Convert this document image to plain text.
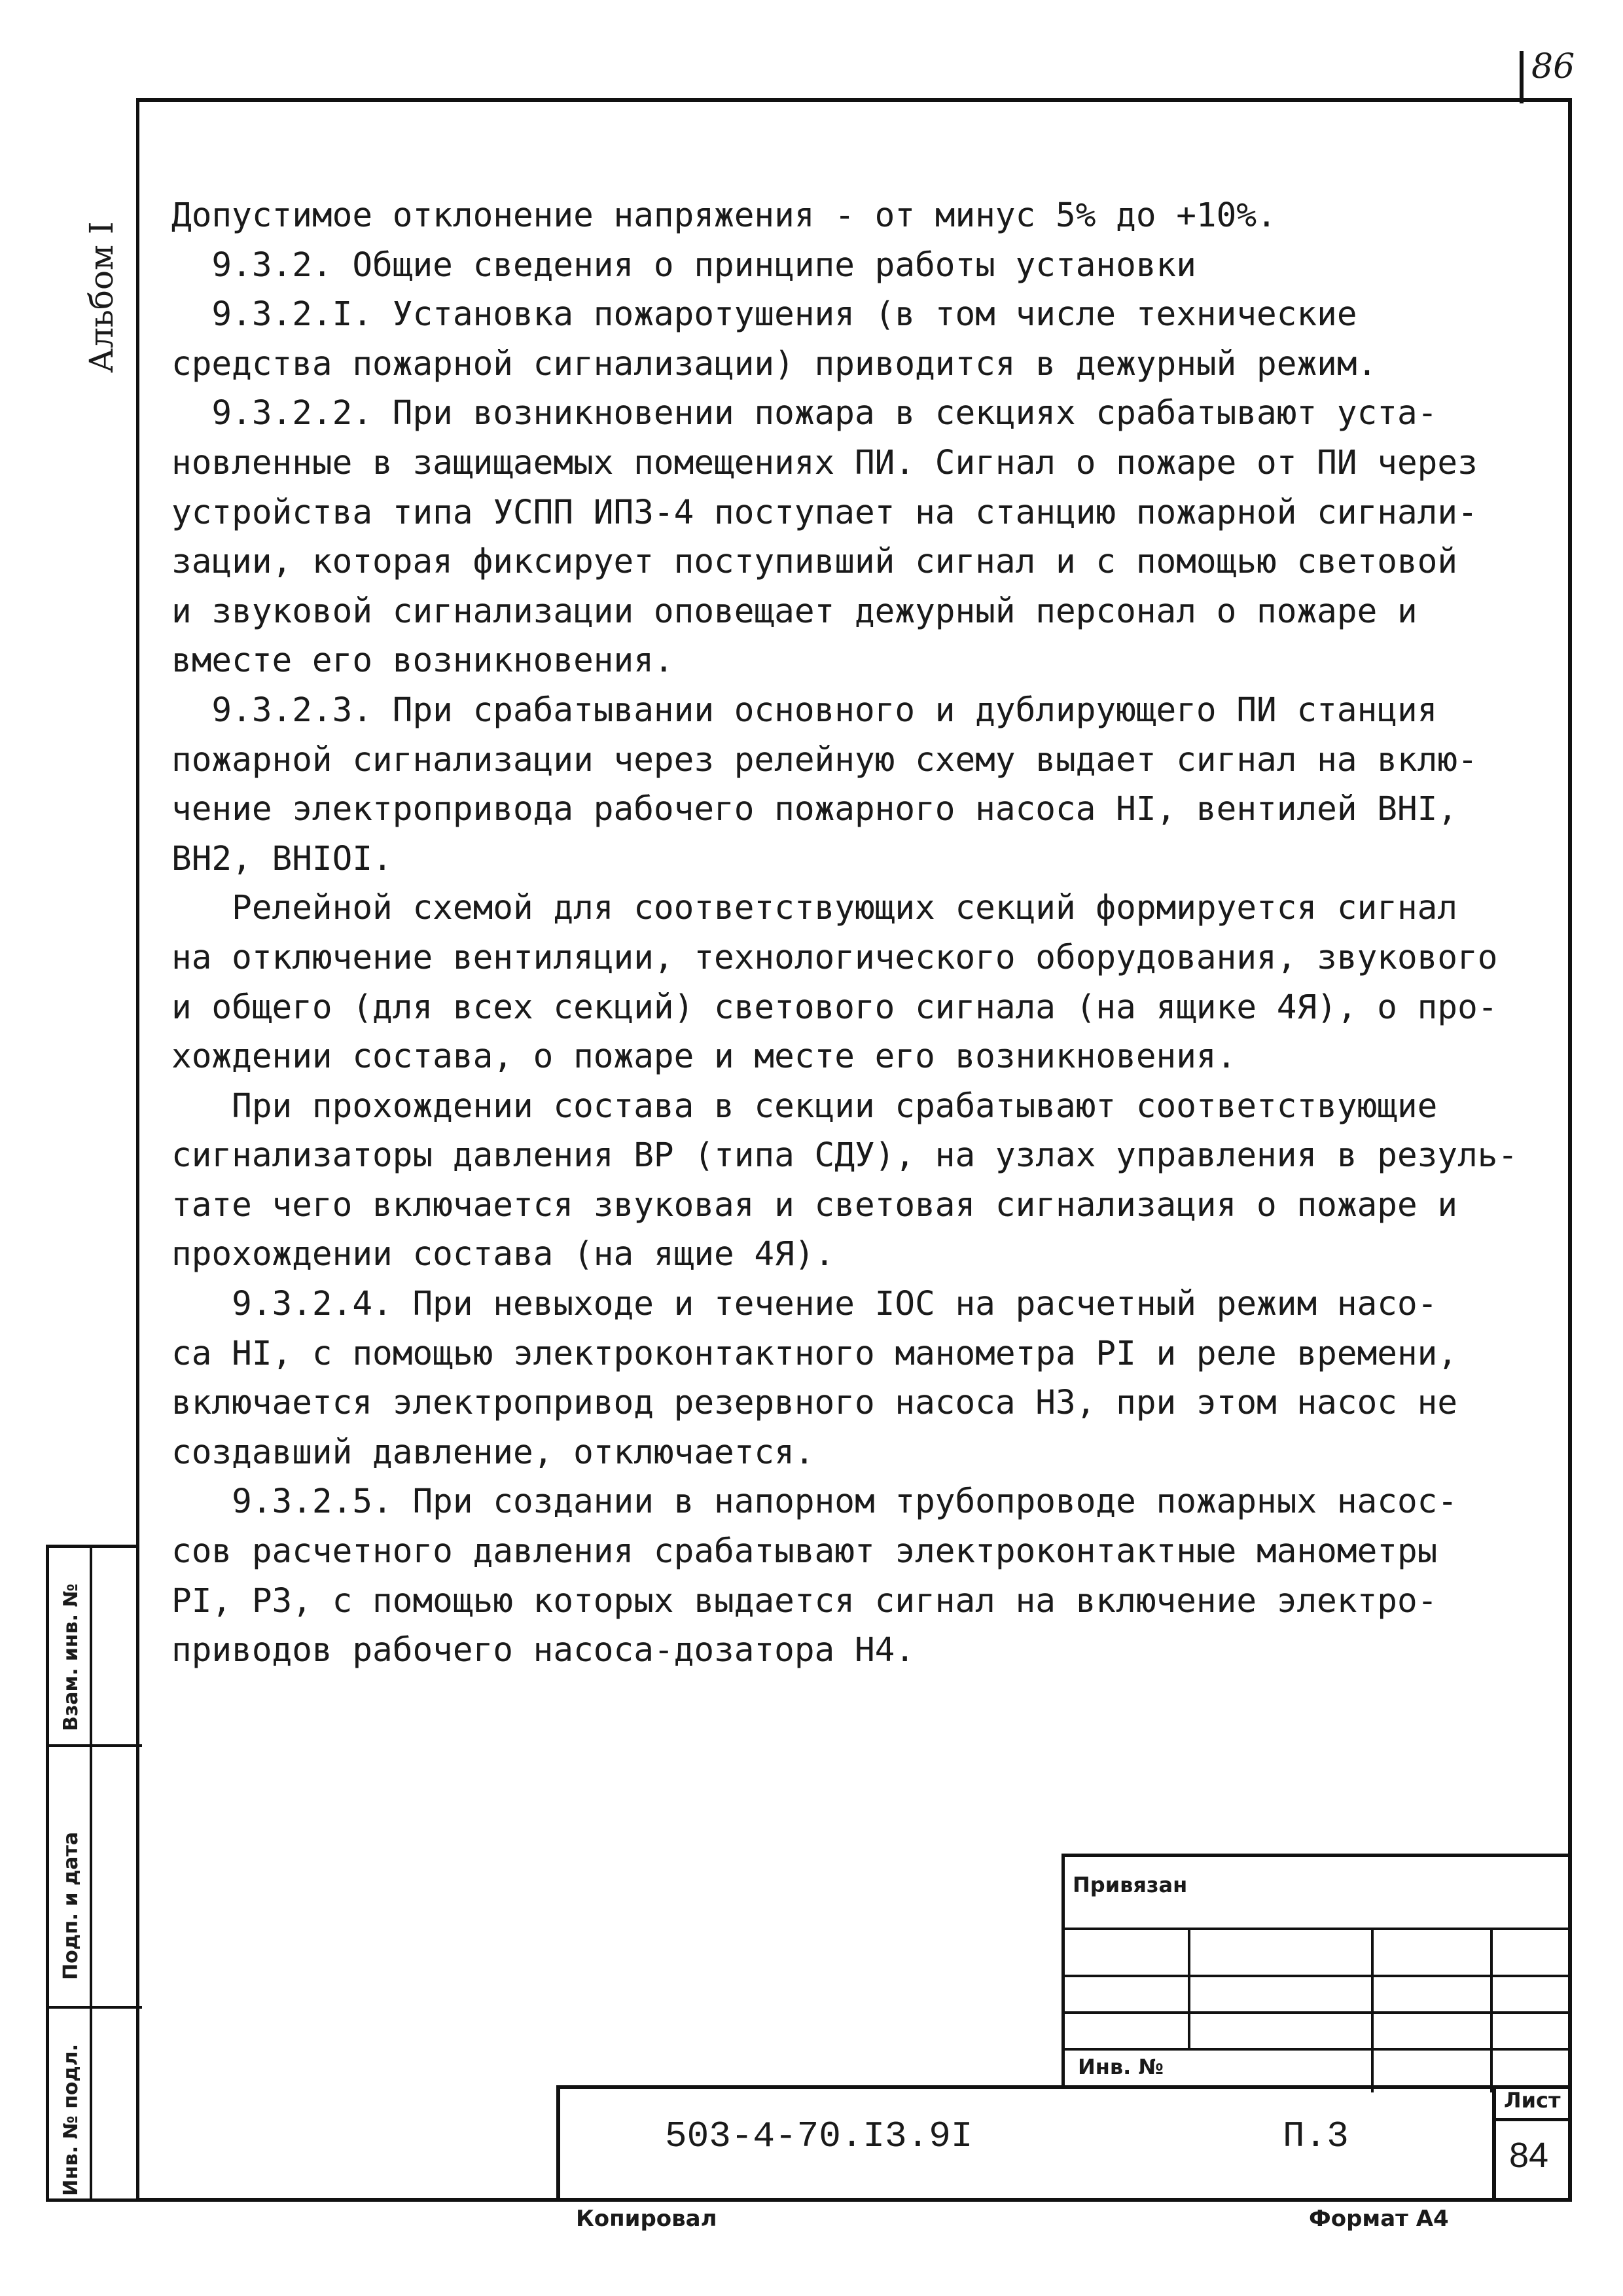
86
Альбом I

Допустимое отклонение напряжения - от минус 5% до +10%.

9.3.2. Общие сведения о принципе работы установки

9.3.2.I. Установка пожаротушения (в том числе технические

средства пожарной сигнализации) приводится в дежурный режим.

9.3.2.2. При возникновении пожара в секциях срабатывают уста-

новленные в защищаемых помещениях ПИ. Сигнал о пожаре от ПИ через

устройства типа УСПП ИПЗ-4 поступает на станцию пожарной сигнали-

зации, которая фиксирует поступивший сигнал и с помощью световой

и звуковой сигнализации оповещает дежурный персонал о пожаре и

вместе его возникновения.

9.3.2.3. При срабатывании основного и дублирующего ПИ станция

пожарной сигнализации через релейную схему выдает сигнал на вклю-

чение электропривода рабочего пожарного насоса НI, вентилей ВНI,

ВН2, ВНIOI.

Релейной схемой для соответствующих секций формируется сигнал

на отключение вентиляции, технологического оборудования, звукового

и общего (для всех секций) светового сигнала (на ящике 4Я), о про-

хождении состава, о пожаре и месте его возникновения.

При прохождении состава в секции срабатывают соответствующие

сигнализаторы давления ВР (типа СДУ), на узлах управления в резуль-

тате чего включается звуковая и световая сигнализация о пожаре и

прохождении состава (на ящие 4Я).

9.3.2.4. При невыходе и течение IOC на расчетный режим насо-

са НI, с помощью электроконтактного манометра PI и реле времени,

включается электропривод резервного насоса Н3, при этом насос не

создавший давление, отключается.

9.3.2.5. При создании в напорном трубопроводе пожарных насос-

сов расчетного давления срабатывают электроконтактные манометры

PI, Р3, с помощью которых выдается сигнал на включение электро-

приводов рабочего насоса-дозатора Н4.

Взам. инв. №
Подп. и дата
Инв. № подл.
Привязан
Инв. №
503-4-70.I3.9I	П.3
Лист
84
Копировал	Формат А4
